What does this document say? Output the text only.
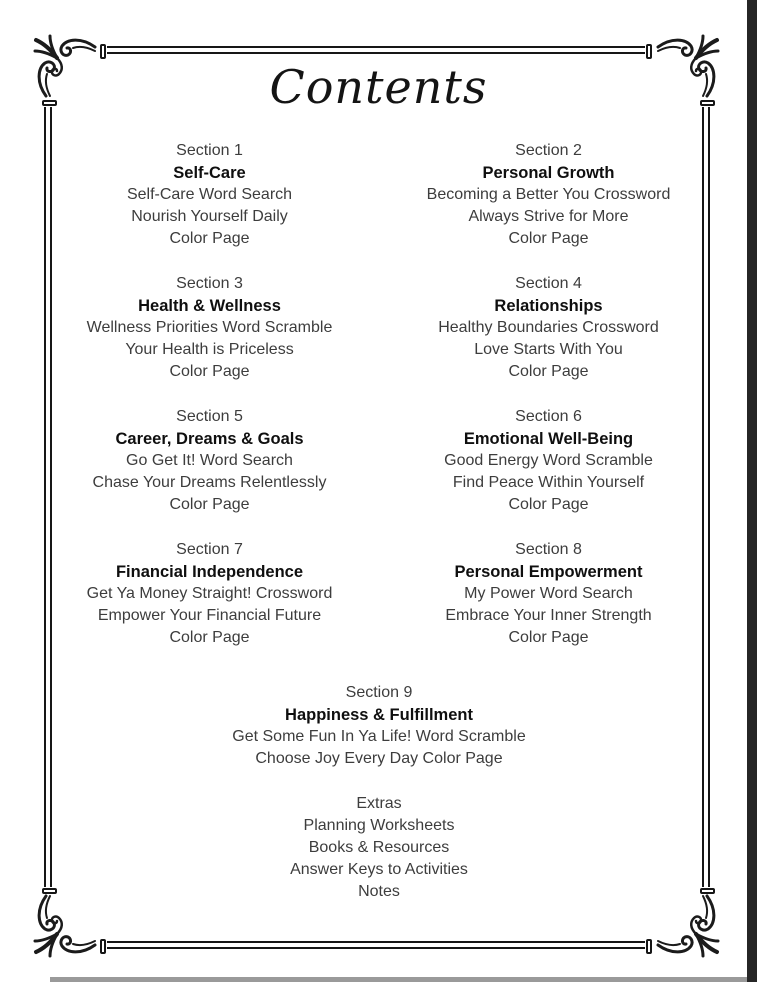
Contents
Section 1
Self-Care
Self-Care Word Search
Nourish Yourself Daily
Color Page
Section 2
Personal Growth
Becoming a Better You Crossword
Always Strive for More
Color Page
Section 3
Health & Wellness
Wellness Priorities Word Scramble
Your Health is Priceless
Color Page
Section 4
Relationships
Healthy Boundaries Crossword
Love Starts With You
Color Page
Section 5
Career, Dreams & Goals
Go Get It! Word Search
Chase Your Dreams Relentlessly
Color Page
Section 6
Emotional Well-Being
Good Energy Word Scramble
Find Peace Within Yourself
Color Page
Section 7
Financial Independence
Get Ya Money Straight! Crossword
Empower Your Financial Future
Color Page
Section 8
Personal Empowerment
My Power Word Search
Embrace Your Inner Strength
Color Page
Section 9
Happiness & Fulfillment
Get Some Fun In Ya Life! Word Scramble
Choose Joy Every Day Color Page
Extras
Planning Worksheets
Books & Resources
Answer Keys to Activities
Notes
